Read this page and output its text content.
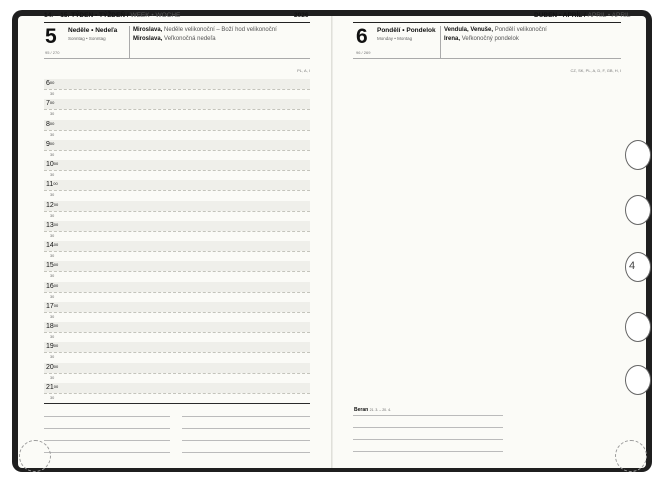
14. – 15. TÝDEN • TÝŽDEŇ / WEEK • WOCHE	2026
5 Neděle • Nedeľa
Sonntag • Sonntag
95 / 270
Miroslava, Neděle velikonoční – Boží hod velikonoční
Miroslava, Veľkonočná nedeľa
PL, A, I
$6^{00}$
30
$7^{00}$
30
$8^{00}$
30
$9^{00}$
30
$10^{00}$
30
$11^{00}$
30
$12^{00}$
30
$13^{00}$
30
$14^{00}$
30
$15^{00}$
30
$16^{00}$
30
$17^{00}$
30
$18^{00}$
30
$19^{00}$
30
$20^{00}$
30
$21^{00}$
30
DUBEN • APRÍL / APRIL • APRIL
6 Pondělí • Pondelok
Monday • Montag
96 / 269
Vendula, Venuše, Pondělí velikonoční
Irena, Veľkonočný pondelok
CZ, SK, PL, A, D, F, GB, H, I
Beran 21. 3. – 20. 4.
4
